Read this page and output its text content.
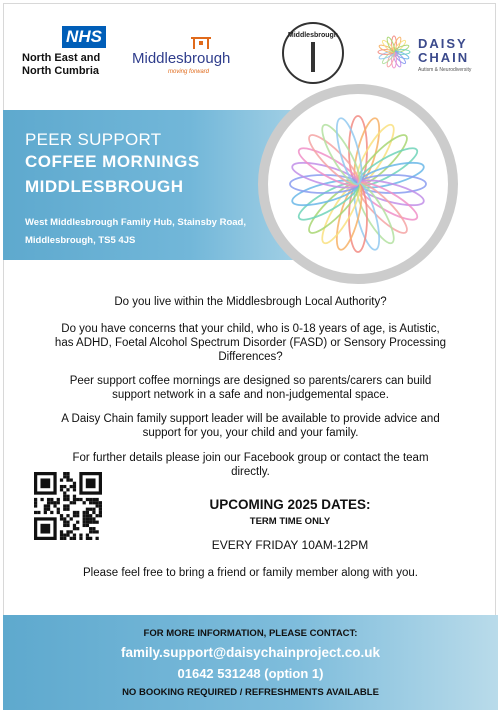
NHS
North East and
North Cumbria
Middlesbrough
moving forward
Middlesbrough
DAISY
CHAIN
Autism & Neurodiversity
PEER SUPPORT
COFFEE MORNINGS
MIDDLESBROUGH
West Middlesbrough Family Hub, Stainsby Road,
Middlesbrough, TS5 4JS
Do you live within the Middlesbrough Local Authority?
Do you have concerns that your child, who is 0-18 years of age, is Autistic,
has ADHD, Foetal Alcohol Spectrum Disorder (FASD) or Sensory Processing
Differences?
Peer support coffee mornings are designed so parents/carers can build
support network in a safe and non-judgemental space.
A Daisy Chain family support leader will be available to provide advice and
support for you, your child and your family.
For further details please join our Facebook group or contact the team
directly.
UPCOMING 2025 DATES:
TERM TIME ONLY
EVERY FRIDAY 10AM-12PM
Please feel free to bring a friend or family member along with you.
FOR MORE INFORMATION, PLEASE CONTACT:
family.support@daisychainproject.co.uk
01642 531248 (option 1)
NO BOOKING REQUIRED / REFRESHMENTS AVAILABLE
